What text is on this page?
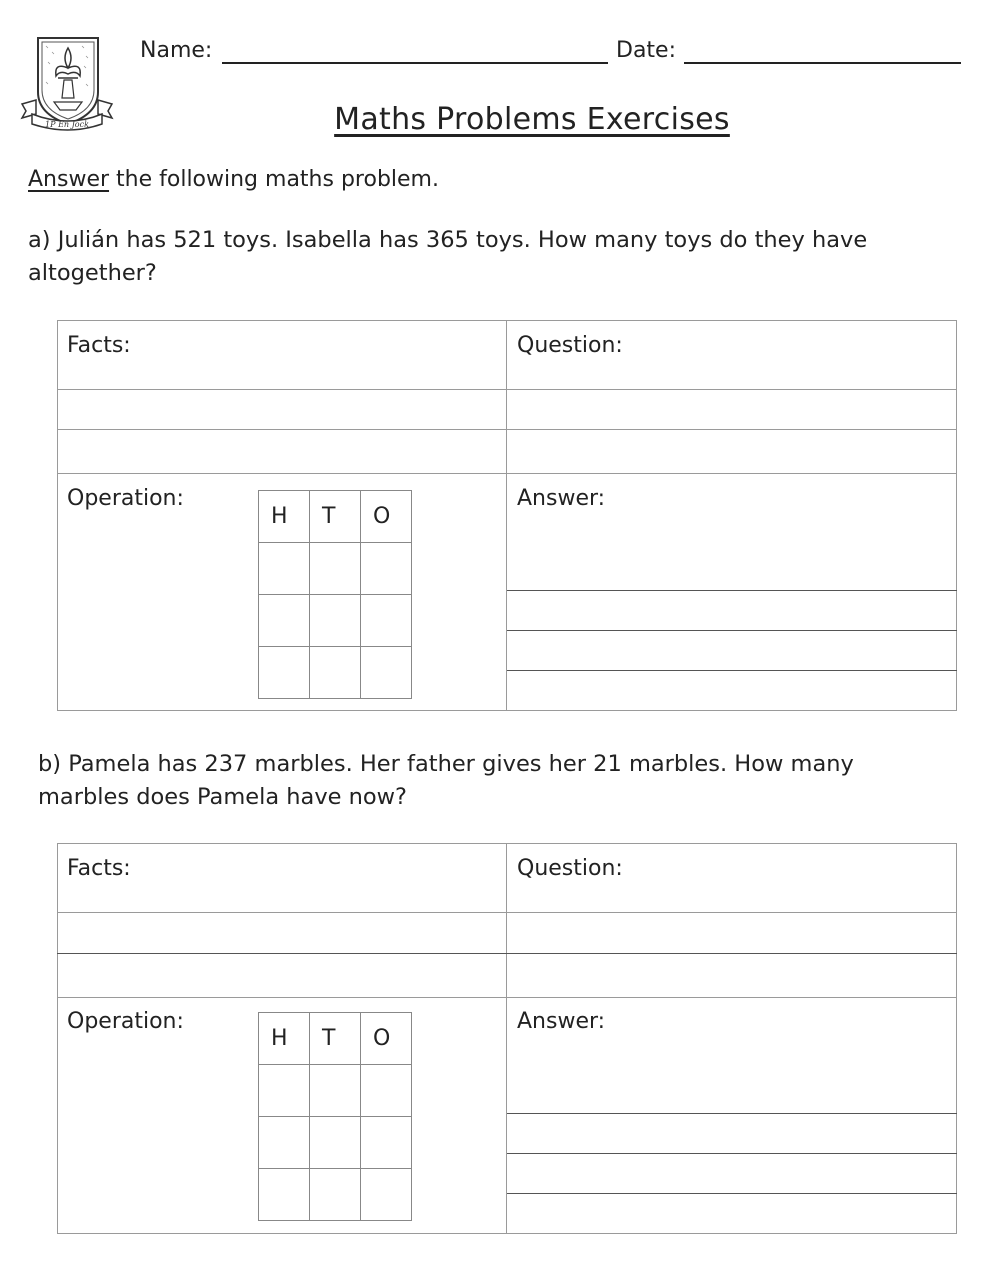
1P En Jock
Name:	Date:
Maths Problems Exercises
Answer the following maths problem.
a) Julián has 521 toys. Isabella has 365 toys. How many toys do they have altogether?
Facts:	Question:
Operation:	Answer:
H	T	O

b) Pamela has 237 marbles. Her father gives her 21 marbles. How many marbles does Pamela have now?
Facts:	Question:
Operation:	Answer:
H	T	O
